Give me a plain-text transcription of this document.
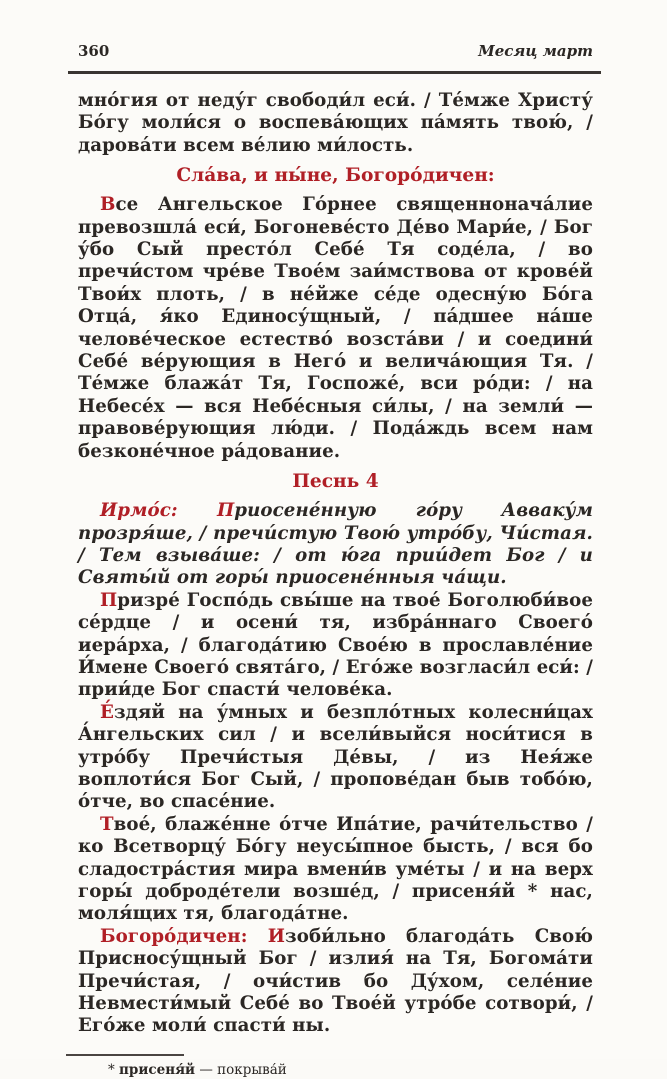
360	Месяц март

мно́гия от неду́г свободи́л еси́. / Те́мже Христу́ Бо́гу моли́ся о воспева́ющих па́мять твою́, / дарова́ти всем ве́лию ми́лость.

Сла́ва, и ны́не, Богоро́дичен:

Все Ангельское Го́рнее священнонача́лие превозшла́ еси́, Богоневе́сто Де́во Мари́е, / Бог у́бо Сый престо́л Себе́ Тя соде́ла, / во пречи́стом чре́ве Твое́м заи́мствова от крове́й Твои́х плоть, / в не́йже се́де одесну́ю Бо́га Отца́, я́ко Единосу́щный, / па́дшее на́ше челове́ческое естество́ возста́ви / и соедини́ Себе́ ве́рующия в Него́ и велича́ющия Тя. / Те́мже блажа́т Тя, Госпоже́, вси ро́ди: / на Небесе́х — вся Небе́сныя си́лы, / на земли́ — правове́рующия лю́ди. / Пода́ждь всем нам безконе́чное ра́дование.

Песнь 4

Ирмо́с: Приосене́нную го́ру Авваку́м прозря́ше, / пречи́стую Твою́ утро́бу, Чи́стая. / Тем взыва́ше: / от ю́га прии́дет Бог / и Святы́й от горы́ приосене́нныя ча́щи.

Призре́ Госпо́дь свы́ше на твое́ Боголюби́вое се́рдце / и осени́ тя, избра́ннаго Своего́ иера́рха, / благода́тию Свое́ю в прославле́ние И́мене Своего́ свята́го, / Его́же возгласи́л еси́: / прии́де Бог спасти́ челове́ка.

Е́здяй на у́мных и безпло́тных колесни́цах А́нгельских сил / и всели́выйся носи́тися в утро́бу Пречи́стыя Де́вы, / из Нея́же воплоти́ся Бог Сый, / пропове́дан быв тобо́ю, о́тче, во спасе́ние.

Твое́, блаже́нне о́тче Ипа́тие, рачи́тельство / ко Всетворцу́ Бо́гу неусы́пное бысть, / вся бо сладостра́стия мира вмени́в уме́ты / и на верх горы́ доброде́тели возше́д, / присеня́й * нас, моля́щих тя, благода́тне.

Богоро́дичен: Изоби́льно благода́ть Свою́ Присносу́щный Бог / излия́ на Тя, Богома́ти Пречи́стая, / очи́стив бо Ду́хом, селе́ние Невмести́мый Себе́ во Твое́й утро́бе сотвори́, / Его́же моли́ спасти́ ны.

* присеня́й — покрыва́й
